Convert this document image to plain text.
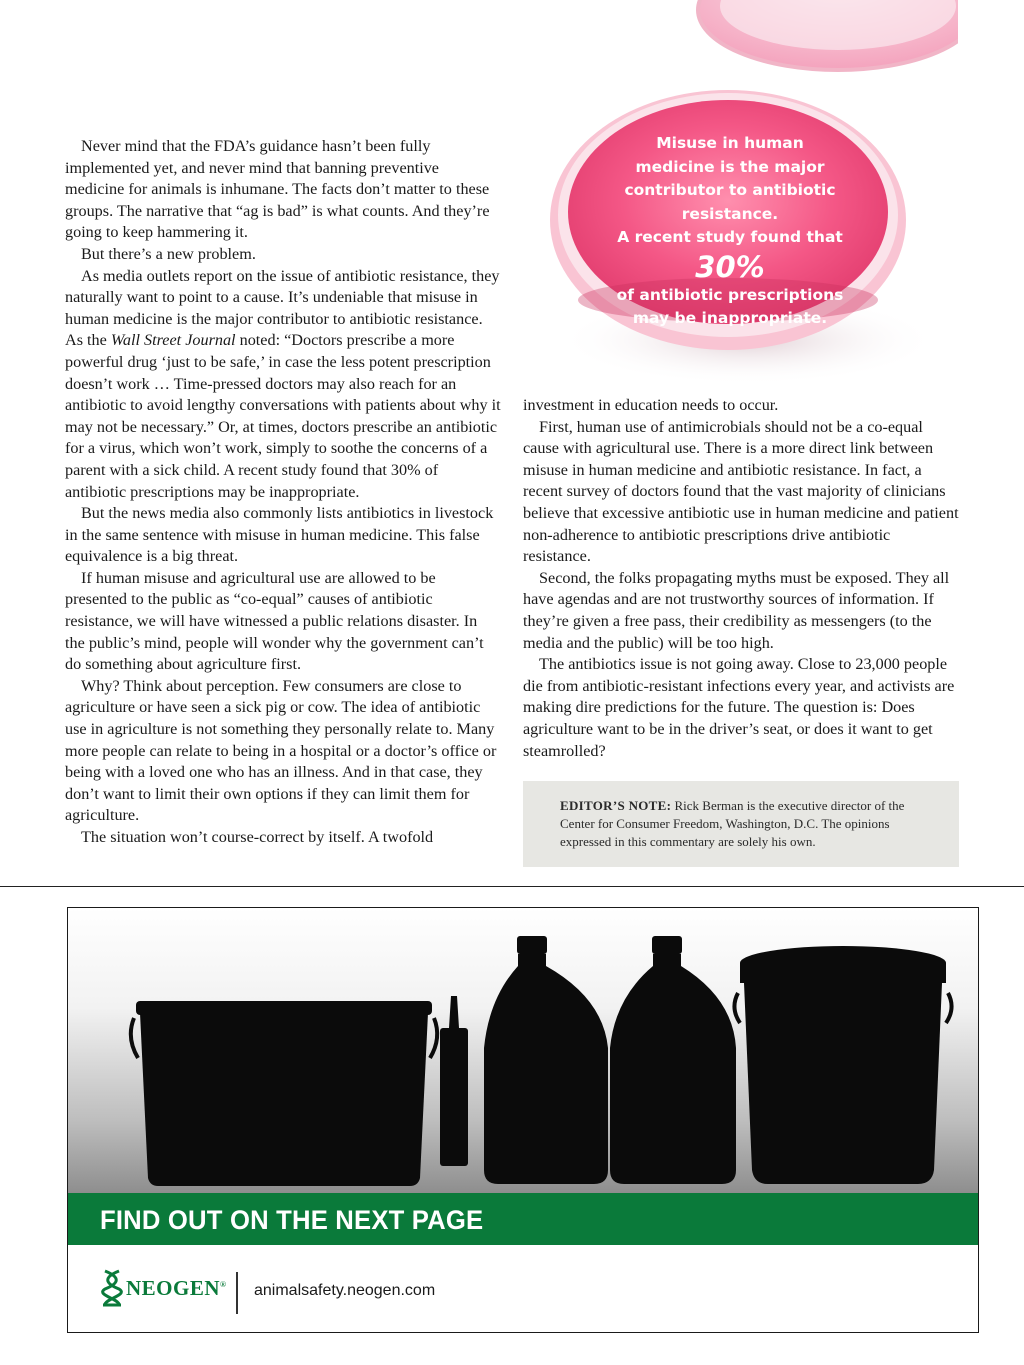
Misuse in human
medicine is the major
contributor to antibiotic resistance.
A recent study found that
30%
of antibiotic prescriptions
may be inappropriate.

Never mind that the FDA’s guidance hasn’t been fully implemented yet, and never mind that banning preventive medicine for animals is inhumane. The facts don’t matter to these groups. The narrative that “ag is bad” is what counts. And they’re going to keep hammering it.

But there’s a new problem.

As media outlets report on the issue of antibiotic resistance, they naturally want to point to a cause. It’s undeniable that misuse in human medicine is the major contributor to antibiotic resistance. As the Wall Street Journal noted: “Doctors prescribe a more powerful drug ‘just to be safe,’ in case the less potent prescription doesn’t work … Time-pressed doctors may also reach for an antibiotic to avoid lengthy conversations with patients about why it may not be necessary.” Or, at times, doctors prescribe an antibiotic for a virus, which won’t work, simply to soothe the concerns of a parent with a sick child. A recent study found that 30% of antibiotic prescriptions may be inappropriate.

But the news media also commonly lists antibiotics in livestock in the same sentence with misuse in human medicine. This false equivalence is a big threat.

If human misuse and agricultural use are allowed to be presented to the public as “co-equal” causes of antibiotic resistance, we will have witnessed a public relations disaster. In the public’s mind, people will wonder why the government can’t do something about agriculture first.

Why? Think about perception. Few consumers are close to agriculture or have seen a sick pig or cow. The idea of antibiotic use in agriculture is not something they personally relate to. Many more people can relate to being in a hospital or a doctor’s office or being with a loved one who has an illness. And in that case, they don’t want to limit their own options if they can limit them for agriculture.

The situation won’t course-correct by itself. A twofold

investment in education needs to occur.

First, human use of antimicrobials should not be a co-equal cause with agricultural use. There is a more direct link between misuse in human medicine and antibiotic resistance. In fact, a recent survey of doctors found that the vast majority of clinicians believe that excessive antibiotic use in human medicine and patient non-adherence to antibiotic prescriptions drive antibiotic resistance.

Second, the folks propagating myths must be exposed. They all have agendas and are not trustworthy sources of information. If they’re given a free pass, their credibility as messengers (to the media and the public) will be too high.

The antibiotics issue is not going away. Close to 23,000 people die from antibiotic-resistant infections every year, and activists are making dire predictions for the future. The question is: Does agriculture want to be in the driver’s seat, or does it want to get steamrolled?

EDITOR’S NOTE: Rick Berman is the executive director of the Center for Consumer Freedom, Washington, D.C. The opinions expressed in this commentary are solely his own.
FIND OUT ON THE NEXT PAGE
NEOGEN® animalsafety.neogen.com
